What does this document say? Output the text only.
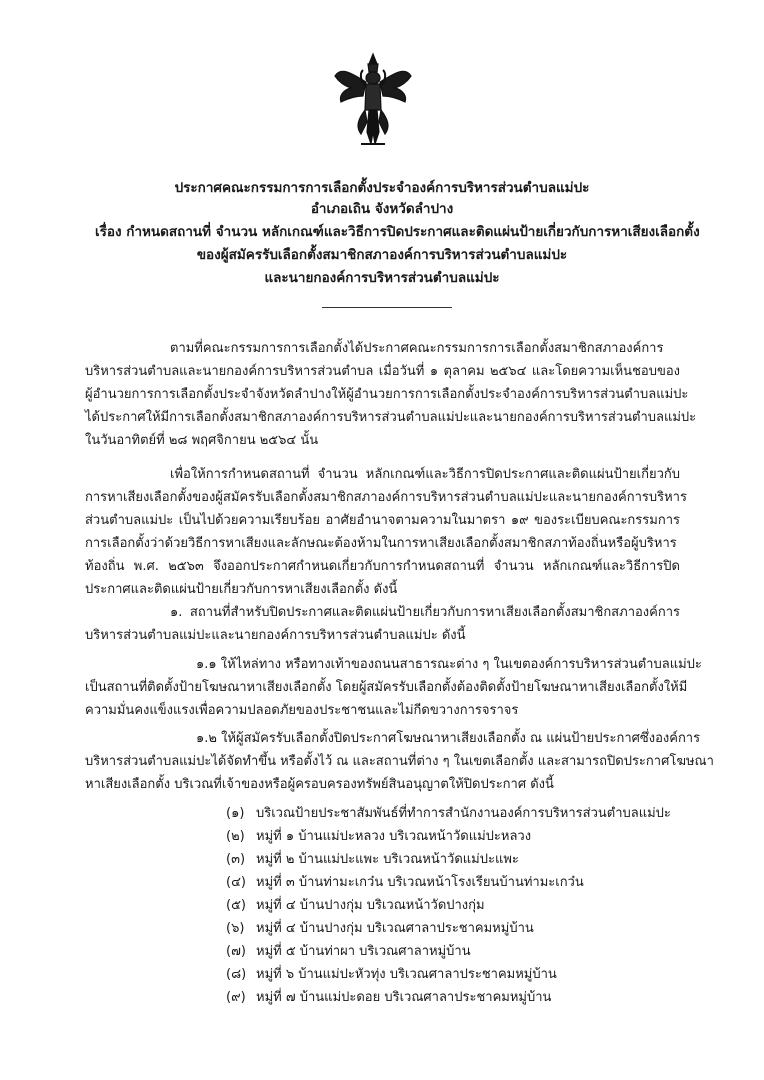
ประกาศคณะกรรมการการเลือกตั้งประจำองค์การบริหารส่วนตำบลแม่ปะ
อำเภอเถิน จังหวัดลำปาง
เรื่อง กำหนดสถานที่ จำนวน หลักเกณฑ์และวิธีการปิดประกาศและติดแผ่นป้ายเกี่ยวกับการหาเสียงเลือกตั้ง
ของผู้สมัครรับเลือกตั้งสมาชิกสภาองค์การบริหารส่วนตำบลแม่ปะ
และนายกองค์การบริหารส่วนตำบลแม่ปะ
ตามที่คณะกรรมการการเลือกตั้งได้ประกาศคณะกรรมการการเลือกตั้งสมาชิกสภาองค์การ
บริหารส่วนตำบลและนายกองค์การบริหารส่วนตำบล เมื่อวันที่ ๑ ตุลาคม ๒๕๖๔ และโดยความเห็นชอบของ
ผู้อำนวยการการเลือกตั้งประจำจังหวัดลำปางให้ผู้อำนวยการการเลือกตั้งประจำองค์การบริหารส่วนตำบลแม่ปะ
ได้ประกาศให้มีการเลือกตั้งสมาชิกสภาองค์การบริหารส่วนตำบลแม่ปะและนายกองค์การบริหารส่วนตำบลแม่ปะ
ในวันอาทิตย์ที่ ๒๘ พฤศจิกายน ๒๕๖๔ นั้น
เพื่อให้การกำหนดสถานที่ จำนวน หลักเกณฑ์และวิธีการปิดประกาศและติดแผ่นป้ายเกี่ยวกับ
การหาเสียงเลือกตั้งของผู้สมัครรับเลือกตั้งสมาชิกสภาองค์การบริหารส่วนตำบลแม่ปะและนายกองค์การบริหาร
ส่วนตำบลแม่ปะ เป็นไปด้วยความเรียบร้อย อาศัยอำนาจตามความในมาตรา ๑๙ ของระเบียบคณะกรรมการ
การเลือกตั้งว่าด้วยวิธีการหาเสียงและลักษณะต้องห้ามในการหาเสียงเลือกตั้งสมาชิกสภาท้องถิ่นหรือผู้บริหาร
ท้องถิ่น พ.ศ. ๒๕๖๓ จึงออกประกาศกำหนดเกี่ยวกับการกำหนดสถานที่ จำนวน หลักเกณฑ์และวิธีการปิด
ประกาศและติดแผ่นป้ายเกี่ยวกับการหาเสียงเลือกตั้ง ดังนี้
๑. สถานที่สำหรับปิดประกาศและติดแผ่นป้ายเกี่ยวกับการหาเสียงเลือกตั้งสมาชิกสภาองค์การ
บริหารส่วนตำบลแม่ปะและนายกองค์การบริหารส่วนตำบลแม่ปะ ดังนี้
๑.๑ ให้ไหล่ทาง หรือทางเท้าของถนนสาธารณะต่าง ๆ ในเขตองค์การบริหารส่วนตำบลแม่ปะ
เป็นสถานที่ติดตั้งป้ายโฆษณาหาเสียงเลือกตั้ง โดยผู้สมัครรับเลือกตั้งต้องติดตั้งป้ายโฆษณาหาเสียงเลือกตั้งให้มี
ความมั่นคงแข็งแรงเพื่อความปลอดภัยของประชาชนและไม่กีดขวางการจราจร
๑.๒ ให้ผู้สมัครรับเลือกตั้งปิดประกาศโฆษณาหาเสียงเลือกตั้ง ณ แผ่นป้ายประกาศซึ่งองค์การ
บริหารส่วนตำบลแม่ปะได้จัดทำขึ้น หรือตั้งไว้ ณ และสถานที่ต่าง ๆ ในเขตเลือกตั้ง และสามารถปิดประกาศโฆษณา
หาเสียงเลือกตั้ง บริเวณที่เจ้าของหรือผู้ครอบครองทรัพย์สินอนุญาตให้ปิดประกาศ ดังนี้
(๑) บริเวณป้ายประชาสัมพันธ์ที่ทำการสำนักงานองค์การบริหารส่วนตำบลแม่ปะ
(๒) หมู่ที่ ๑ บ้านแม่ปะหลวง บริเวณหน้าวัดแม่ปะหลวง
(๓) หมู่ที่ ๒ บ้านแม่ปะแพะ บริเวณหน้าวัดแม่ปะแพะ
(๔) หมู่ที่ ๓ บ้านท่ามะเกว๋น บริเวณหน้าโรงเรียนบ้านท่ามะเกว๋น
(๕) หมู่ที่ ๔ บ้านปางกุ่ม บริเวณหน้าวัดปางกุ่ม
(๖) หมู่ที่ ๔ บ้านปางกุ่ม บริเวณศาลาประชาคมหมู่บ้าน
(๗) หมู่ที่ ๕ บ้านท่าผา บริเวณศาลาหมู่บ้าน
(๘) หมู่ที่ ๖ บ้านแม่ปะหัวทุ่ง บริเวณศาลาประชาคมหมู่บ้าน
(๙) หมู่ที่ ๗ บ้านแม่ปะดอย บริเวณศาลาประชาคมหมู่บ้าน
